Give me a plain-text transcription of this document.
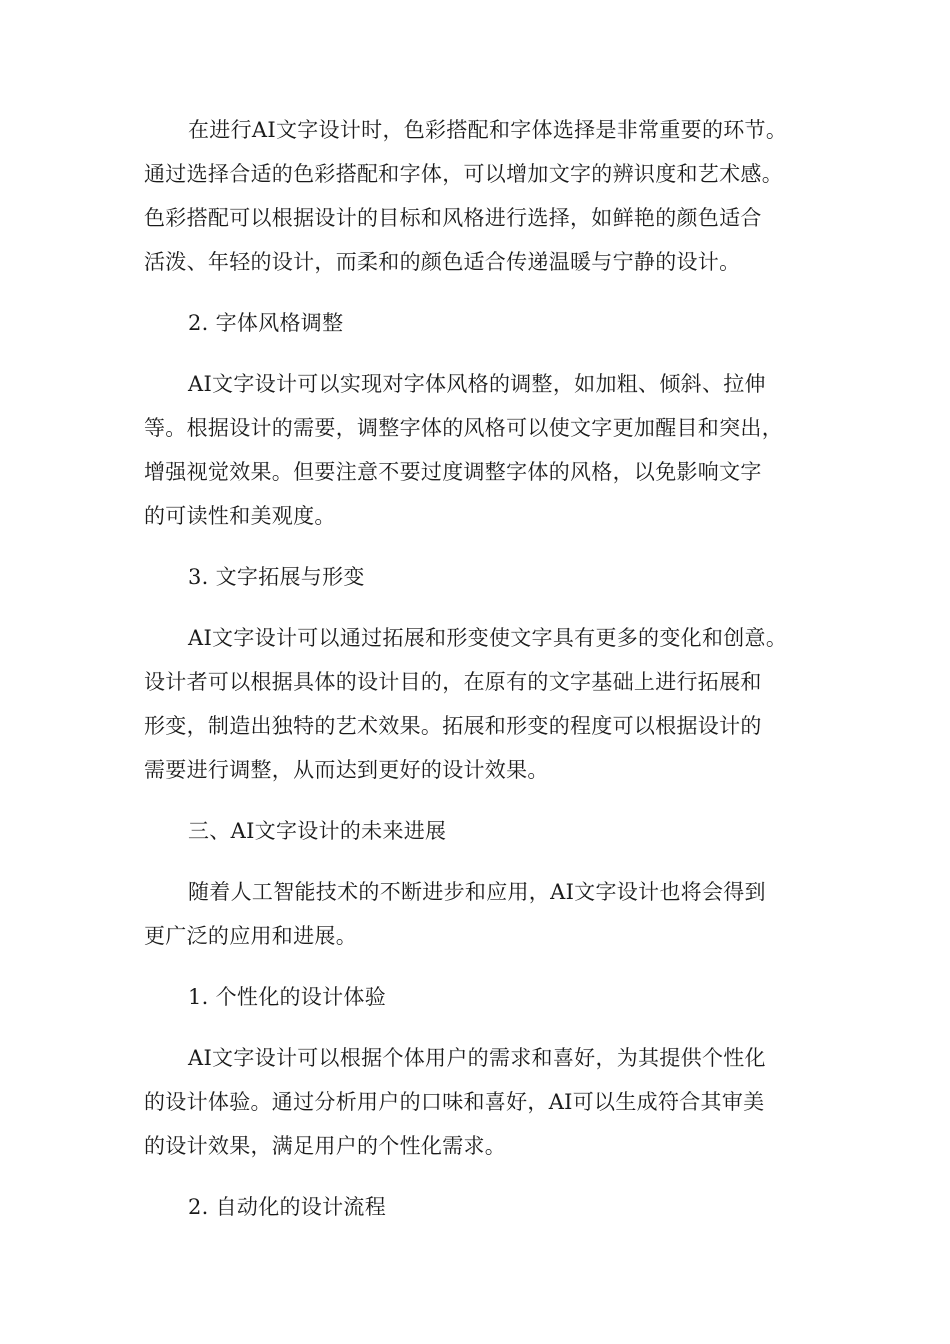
在进行AI文字设计时，色彩搭配和字体选择是非常重要的环节。
通过选择合适的色彩搭配和字体，可以增加文字的辨识度和艺术感。
色彩搭配可以根据设计的目标和风格进行选择，如鲜艳的颜色适合
活泼、年轻的设计，而柔和的颜色适合传递温暖与宁静的设计。
2. 字体风格调整
AI文字设计可以实现对字体风格的调整，如加粗、倾斜、拉伸
等。根据设计的需要，调整字体的风格可以使文字更加醒目和突出，
增强视觉效果。但要注意不要过度调整字体的风格，以免影响文字
的可读性和美观度。
3. 文字拓展与形变
AI文字设计可以通过拓展和形变使文字具有更多的变化和创意。
设计者可以根据具体的设计目的，在原有的文字基础上进行拓展和
形变，制造出独特的艺术效果。拓展和形变的程度可以根据设计的
需要进行调整，从而达到更好的设计效果。
三、AI文字设计的未来进展
随着人工智能技术的不断进步和应用，AI文字设计也将会得到
更广泛的应用和进展。
1. 个性化的设计体验
AI文字设计可以根据个体用户的需求和喜好，为其提供个性化
的设计体验。通过分析用户的口味和喜好，AI可以生成符合其审美
的设计效果，满足用户的个性化需求。
2. 自动化的设计流程
